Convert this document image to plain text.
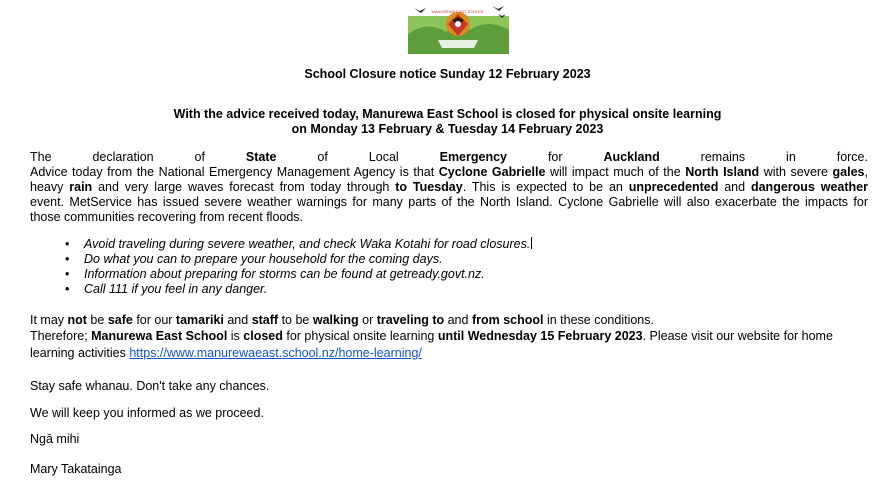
MANUREWA EAST SCHOOL
School Closure notice Sunday 12 February 2023
With the advice received today, Manurewa East School is closed for physical onsite learning
on Monday 13 February & Tuesday 14 February 2023
The declaration of State of Local Emergency for Auckland remains in force.
Advice today from the National Emergency Management Agency is that Cyclone Gabrielle will impact much of the North Island with severe gales,
heavy rain and very large waves forecast from today through to Tuesday. This is expected to be an unprecedented and dangerous weather
event. MetService has issued severe weather warnings for many parts of the North Island. Cyclone Gabrielle will also exacerbate the impacts for
those communities recovering from recent floods.
• Avoid traveling during severe weather, and check Waka Kotahi for road closures.
• Do what you can to prepare your household for the coming days.
• Information about preparing for storms can be found at getready.govt.nz.
• Call 111 if you feel in any danger.
It may not be safe for our tamariki and staff to be walking or traveling to and from school in these conditions.
Therefore; Manurewa East School is closed for physical onsite learning until Wednesday 15 February 2023. Please visit our website for home
learning activities https://www.manurewaeast.school.nz/home-learning/
Stay safe whanau. Don't take any chances.
We will keep you informed as we proceed.
Ngā mihi
Mary Takatainga
